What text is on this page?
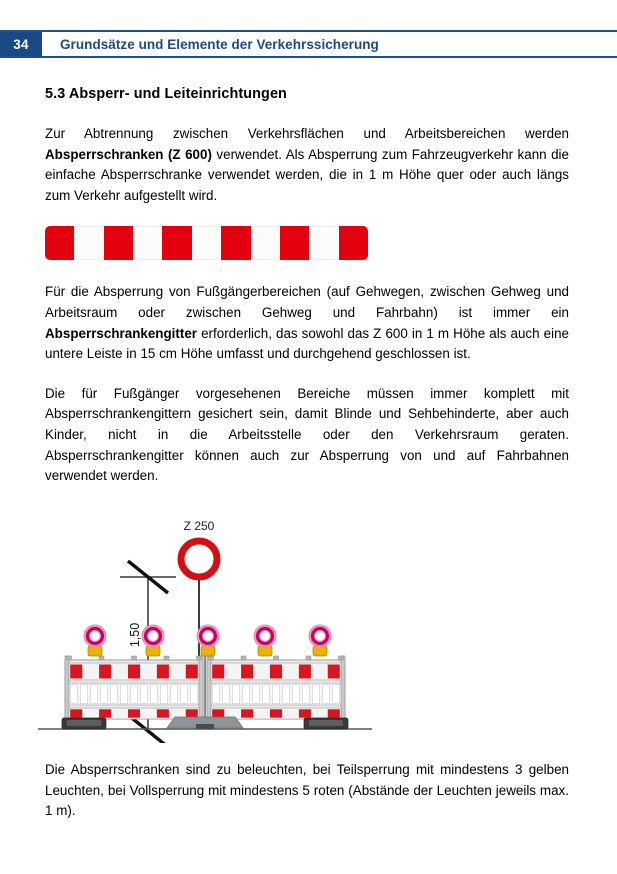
34	Grundsätze und Elemente der Verkehrssicherung
5.3 Absperr- und Leiteinrichtungen

Zur Abtrennung zwischen Verkehrsflächen und Arbeitsbereichen werden Absperrschranken (Z 600) verwendet. Als Absperrung zum Fahrzeugverkehr kann die einfache Absperrschranke verwendet werden, die in 1 m Höhe quer oder auch längs zum Verkehr aufgestellt wird.

Für die Absperrung von Fußgängerbereichen (auf Gehwegen, zwischen Gehweg und Arbeitsraum oder zwischen Gehweg und Fahrbahn) ist immer ein Absperrschrankengitter erforderlich, das sowohl das Z 600 in 1 m Höhe als auch eine untere Leiste in 15 cm Höhe umfasst und durchgehend geschlossen ist.

Die für Fußgänger vorgesehenen Bereiche müssen immer komplett mit Absperrschrankengittern gesichert sein, damit Blinde und Sehbehinderte, aber auch Kinder, nicht in die Arbeitsstelle oder den Verkehrsraum geraten. Absperrschrankengitter können auch zur Absperrung von und auf Fahrbahnen verwendet werden.

Z 250
1,50

Die Absperrschranken sind zu beleuchten, bei Teilsperrung mit mindestens 3 gelben Leuchten, bei Vollsperrung mit mindestens 5 roten (Abstände der Leuchten jeweils max. 1 m).
